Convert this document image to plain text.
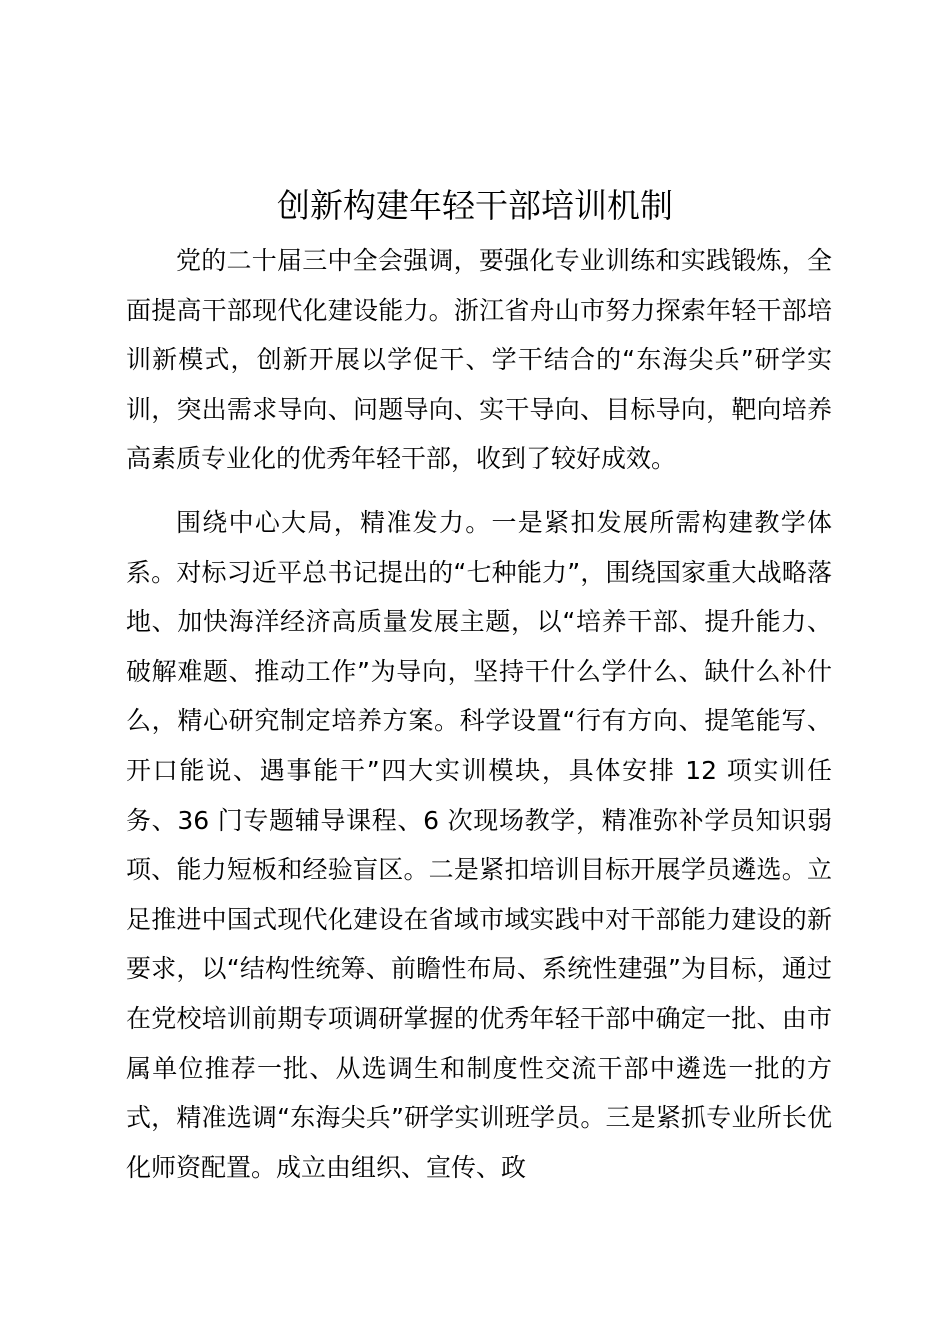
创新构建年轻干部培训机制

党的二十届三中全会强调，要强化专业训练和实践锻炼，全面提高干部现代化建设能力。浙江省舟山市努力探索年轻干部培训新模式，创新开展以学促干、学干结合的“东海尖兵”研学实训，突出需求导向、问题导向、实干导向、目标导向，靶向培养高素质专业化的优秀年轻干部，收到了较好成效。

围绕中心大局，精准发力。一是紧扣发展所需构建教学体系。对标习近平总书记提出的“七种能力”，围绕国家重大战略落地、加快海洋经济高质量发展主题，以“培养干部、提升能力、破解难题、推动工作”为导向，坚持干什么学什么、缺什么补什么，精心研究制定培养方案。科学设置“行有方向、提笔能写、开口能说、遇事能干”四大实训模块，具体安排 12 项实训任务、36 门专题辅导课程、6 次现场教学，精准弥补学员知识弱项、能力短板和经验盲区。二是紧扣培训目标开展学员遴选。立足推进中国式现代化建设在省域市域实践中对干部能力建设的新要求，以“结构性统筹、前瞻性布局、系统性建强”为目标，通过在党校培训前期专项调研掌握的优秀年轻干部中确定一批、由市属单位推荐一批、从选调生和制度性交流干部中遴选一批的方式，精准选调“东海尖兵”研学实训班学员。三是紧抓专业所长优化师资配置。成立由组织、宣传、政
